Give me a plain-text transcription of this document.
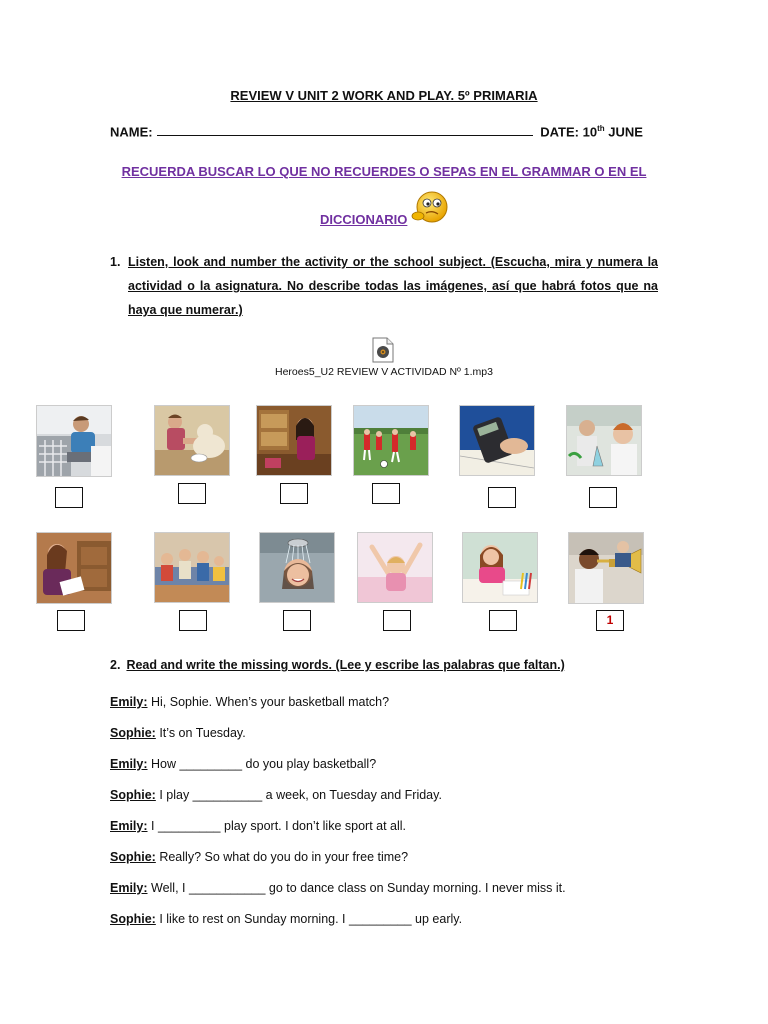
REVIEW V UNIT 2 WORK AND PLAY. 5º PRIMARIA
NAME:	DATE: 10th JUNE
RECUERDA BUSCAR LO QUE NO RECUERDES O SEPAS EN EL GRAMMAR O EN EL
DICCIONARIO
1. Listen, look and number the activity or the school subject. (Escucha, mira y numera la actividad o la asignatura. No describe todas las imágenes, así que habrá fotos que na haya que numerar.)
Heroes5_U2 REVIEW V ACTIVIDAD Nº 1.mp3
1
2. Read and write the missing words. (Lee y escribe las palabras que faltan.)
Emily: Hi, Sophie. When’s your basketball match?
Sophie: It’s on Tuesday.
Emily: How _________ do you play basketball?
Sophie: I play __________ a week, on Tuesday and Friday.
Emily: I _________ play sport. I don’t like sport at all.
Sophie: Really? So what do you do in your free time?
Emily: Well, I ___________ go to dance class on Sunday morning. I never miss it.
Sophie: I like to rest on Sunday morning. I _________ up early.
